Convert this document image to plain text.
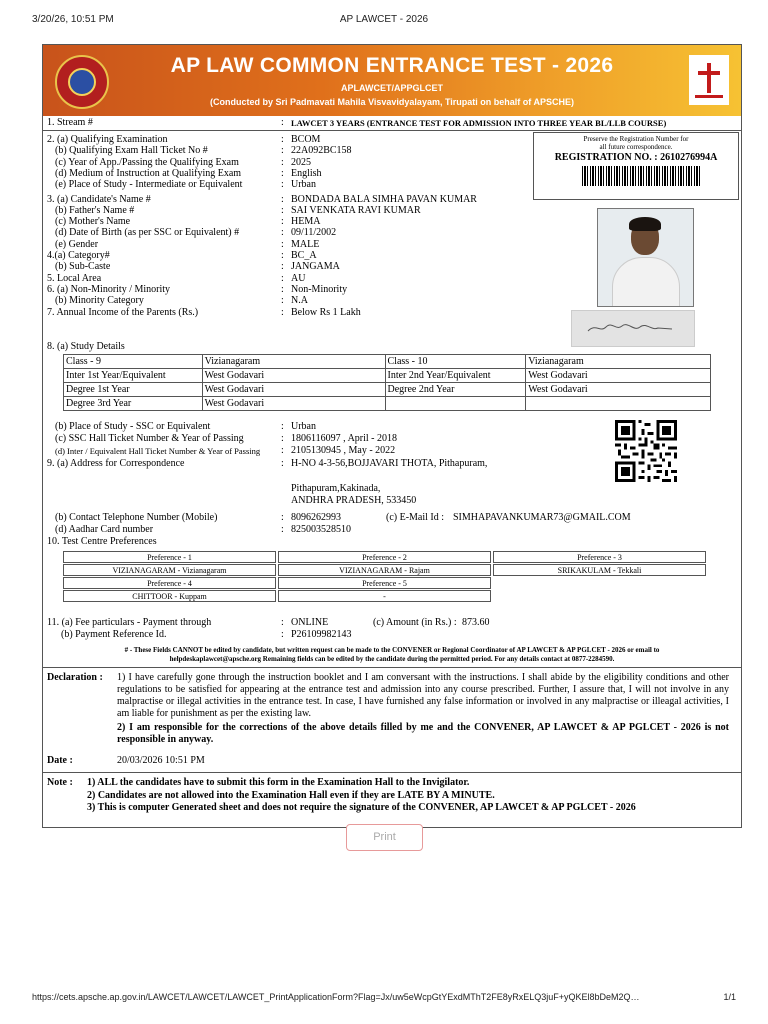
3/20/26, 10:51 PM	AP LAWCET - 2026
AP LAW COMMON ENTRANCE TEST - 2026
APLAWCET/APPGLCET
(Conducted by Sri Padmavati Mahila Visvavidyalayam, Tirupati on behalf of APSCHE)
1. Stream #	: LAWCET 3 YEARS (ENTRANCE TEST FOR ADMISSION INTO THREE YEAR BL/LLB COURSE)
Preserve the Registration Number for
all future correspondence.
REGISTRATION NO. : 2610276994A
2. (a) Qualifying Examination	: BCOM
(b) Qualifying Exam Hall Ticket No #	: 22A092BC158
(c) Year of App./Passing the Qualifying Exam	: 2025
(d) Medium of Instruction at Qualifying Exam	: English
(e) Place of Study - Intermediate or Equivalent	: Urban
3. (a) Candidate's Name #	: BONDADA BALA SIMHA PAVAN KUMAR
(b) Father's Name #	: SAI VENKATA RAVI KUMAR
(c) Mother's Name	: HEMA
(d) Date of Birth (as per SSC or Equivalent) #	: 09/11/2002
(e) Gender	: MALE
4.(a) Category#	: BC_A
(b) Sub-Caste	: JANGAMA
5. Local Area	: AU
6. (a) Non-Minority / Minority	: Non-Minority
(b) Minority Category	: N.A
7. Annual Income of the Parents (Rs.)	: Below Rs 1 Lakh
8. (a) Study Details
Class - 9	Vizianagaram	Class - 10	Vizianagaram
Inter 1st Year/Equivalent	West Godavari	Inter 2nd Year/Equivalent	West Godavari
Degree 1st Year	West Godavari	Degree 2nd Year	West Godavari
Degree 3rd Year	West Godavari		
(b) Place of Study - SSC or Equivalent	: Urban
(c) SSC Hall Ticket Number & Year of Passing	: 1806116097 , April - 2018
(d) Inter / Equivalent Hall Ticket Number & Year of Passing : 2105130945 , May - 2022
9. (a) Address for Correspondence	: H-NO 4-3-56,BOJJAVARI THOTA, Pithapuram,
Pithapuram,Kakinada,
ANDHRA PRADESH, 533450
(b) Contact Telephone Number (Mobile)	: 8096262993	(c) E-Mail Id : SIMHAPAVANKUMAR73@GMAIL.COM
(d) Aadhar Card number	: 825003528510
10. Test Centre Preferences
Preference - 1	Preference - 2	Preference - 3
VIZIANAGARAM - Vizianagaram	VIZIANAGARAM - Rajam	SRIKAKULAM - Tekkali
Preference - 4	Preference - 5	
CHITTOOR - Kuppam	-	
11. (a) Fee particulars - Payment through	: ONLINE	(c) Amount (in Rs.) : 873.60
(b) Payment Reference Id.	: P26109982143
# - These Fields CANNOT be edited by candidate, but written request can be made to the CONVENER or Regional Coordinator of AP LAWCET & AP PGLCET - 2026 or email to
helpdeskaplawcet@apsche.org Remaining fields can be edited by the candidate during the permitted period. For any details contact at 0877-2284590.
Declaration : 1) I have carefully gone through the instruction booklet and I am conversant with the instructions. I shall abide by the eligibility conditions and other regulations to be satisfied for appearing at the entrance test and admission into any course prescribed. Further, I assure that, I will not involve in any malpractise or illegal activities in the entrance test. In case, I have furnished any false information or involved in any malpractise or illeagal activities, I am liable for punishment as per the existing law.
2) I am responsible for the corrections of the above details filled by me and the CONVENER, AP LAWCET & AP PGLCET - 2026 is not responsible in anyway.
Date :	20/03/2026 10:51 PM
Note : 1) ALL the candidates have to submit this form in the Examination Hall to the Invigilator.
2) Candidates are not allowed into the Examination Hall even if they are LATE BY A MINUTE.
3) This is computer Generated sheet and does not require the signature of the CONVENER, AP LAWCET & AP PGLCET - 2026
Print
https://cets.apsche.ap.gov.in/LAWCET/LAWCET/LAWCET_PrintApplicationForm?Flag=Jx/uw5eWcpGtYExdMThT2FE8yRxELQ3juF+yQKEl8bDeM2Q…	1/1
